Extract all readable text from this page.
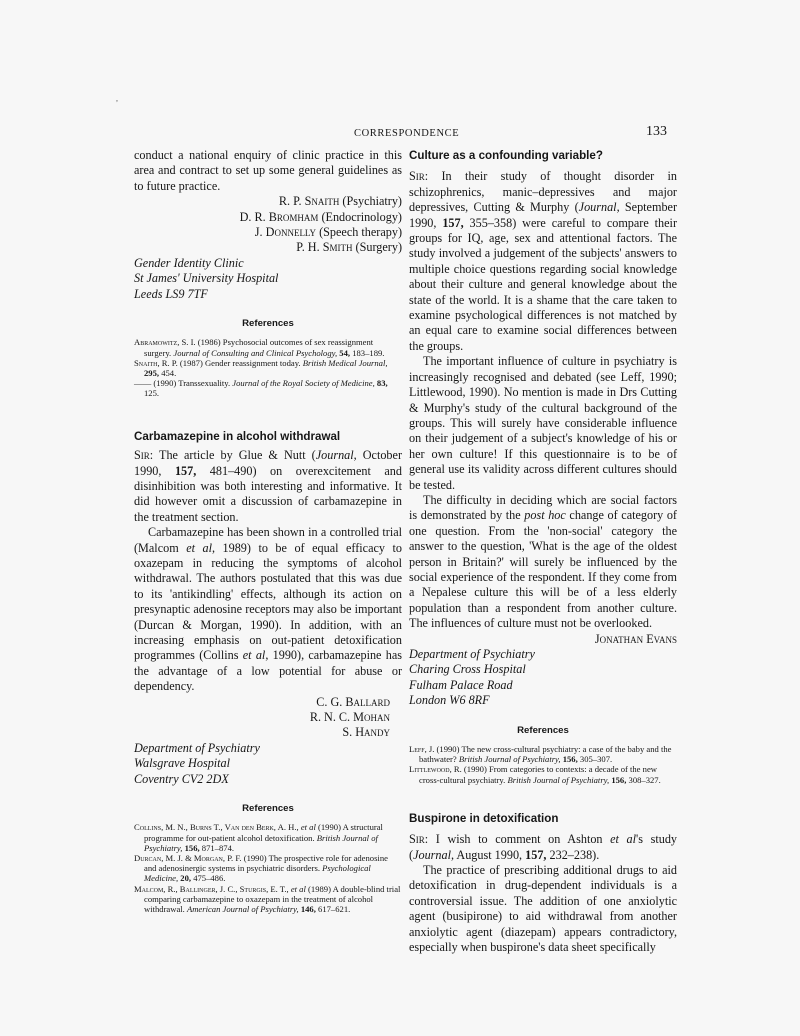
,
CORRESPONDENCE	133

conduct a national enquiry of clinic practice in this area and contract to set up some general guidelines as to future practice.

R. P. Snaith (Psychiatry)
D. R. Bromham (Endocrinology)
J. Donnelly (Speech therapy)
P. H. Smith (Surgery)
Gender Identity Clinic
St James' University Hospital
Leeds LS9 7TF

References

Abramowitz, S. I. (1986) Psychosocial outcomes of sex reassignment surgery. Journal of Consulting and Clinical Psychology, 54, 183–189.

Snaith, R. P. (1987) Gender reassignment today. British Medical Journal, 295, 454.

—— (1990) Transsexuality. Journal of the Royal Society of Medicine, 83, 125.

Carbamazepine in alcohol withdrawal

Sir: The article by Glue & Nutt (Journal, October 1990, 157, 481–490) on overexcitement and disinhibition was both interesting and informative. It did however omit a discussion of carbamazepine in the treatment section.

Carbamazepine has been shown in a controlled trial (Malcom et al, 1989) to be of equal efficacy to oxazepam in reducing the symptoms of alcohol withdrawal. The authors postulated that this was due to its 'antikindling' effects, although its action on presynaptic adenosine receptors may also be important (Durcan & Morgan, 1990). In addition, with an increasing emphasis on out-patient detoxification programmes (Collins et al, 1990), carbamazepine has the advantage of a low potential for abuse or dependency.

C. G. Ballard
R. N. C. Mohan
S. Handy
Department of Psychiatry
Walsgrave Hospital
Coventry CV2 2DX

References

Collins, M. N., Burns T., Van den Berk, A. H., et al (1990) A structural programme for out-patient alcohol detoxification. British Journal of Psychiatry, 156, 871–874.

Durcan, M. J. & Morgan, P. F. (1990) The prospective role for adenosine and adenosinergic systems in psychiatric disorders. Psychological Medicine, 20, 475–486.

Malcom, R., Ballinger, J. C., Sturgis, E. T., et al (1989) A double-blind trial comparing carbamazepine to oxazepam in the treatment of alcohol withdrawal. American Journal of Psychiatry, 146, 617–621.

Culture as a confounding variable?

Sir: In their study of thought disorder in schizophrenics, manic–depressives and major depressives, Cutting & Murphy (Journal, September 1990, 157, 355–358) were careful to compare their groups for IQ, age, sex and attentional factors. The study involved a judgement of the subjects' answers to multiple choice questions regarding social knowledge about their culture and general knowledge about the state of the world. It is a shame that the care taken to examine psychological differences is not matched by an equal care to examine social differences between the groups.

The important influence of culture in psychiatry is increasingly recognised and debated (see Leff, 1990; Littlewood, 1990). No mention is made in Drs Cutting & Murphy's study of the cultural background of the groups. This will surely have considerable influence on their judgement of a subject's knowledge of his or her own culture! If this questionnaire is to be of general use its validity across different cultures should be tested.

The difficulty in deciding which are social factors is demonstrated by the post hoc change of category of one question. From the 'non-social' category the answer to the question, 'What is the age of the oldest person in Britain?' will surely be influenced by the social experience of the respondent. If they come from a Nepalese culture this will be of a less elderly population than a respondent from another culture. The influences of culture must not be overlooked.

Jonathan Evans
Department of Psychiatry
Charing Cross Hospital
Fulham Palace Road
London W6 8RF

References

Leff, J. (1990) The new cross-cultural psychiatry: a case of the baby and the bathwater? British Journal of Psychiatry, 156, 305–307.

Littlewood, R. (1990) From categories to contexts: a decade of the new cross-cultural psychiatry. British Journal of Psychiatry, 156, 308–327.

Buspirone in detoxification

Sir: I wish to comment on Ashton et al's study (Journal, August 1990, 157, 232–238).

The practice of prescribing additional drugs to aid detoxification in drug-dependent individuals is a controversial issue. The addition of one anxiolytic agent (busipirone) to aid withdrawal from another anxiolytic agent (diazepam) appears contradictory, especially when buspirone's data sheet specifically
